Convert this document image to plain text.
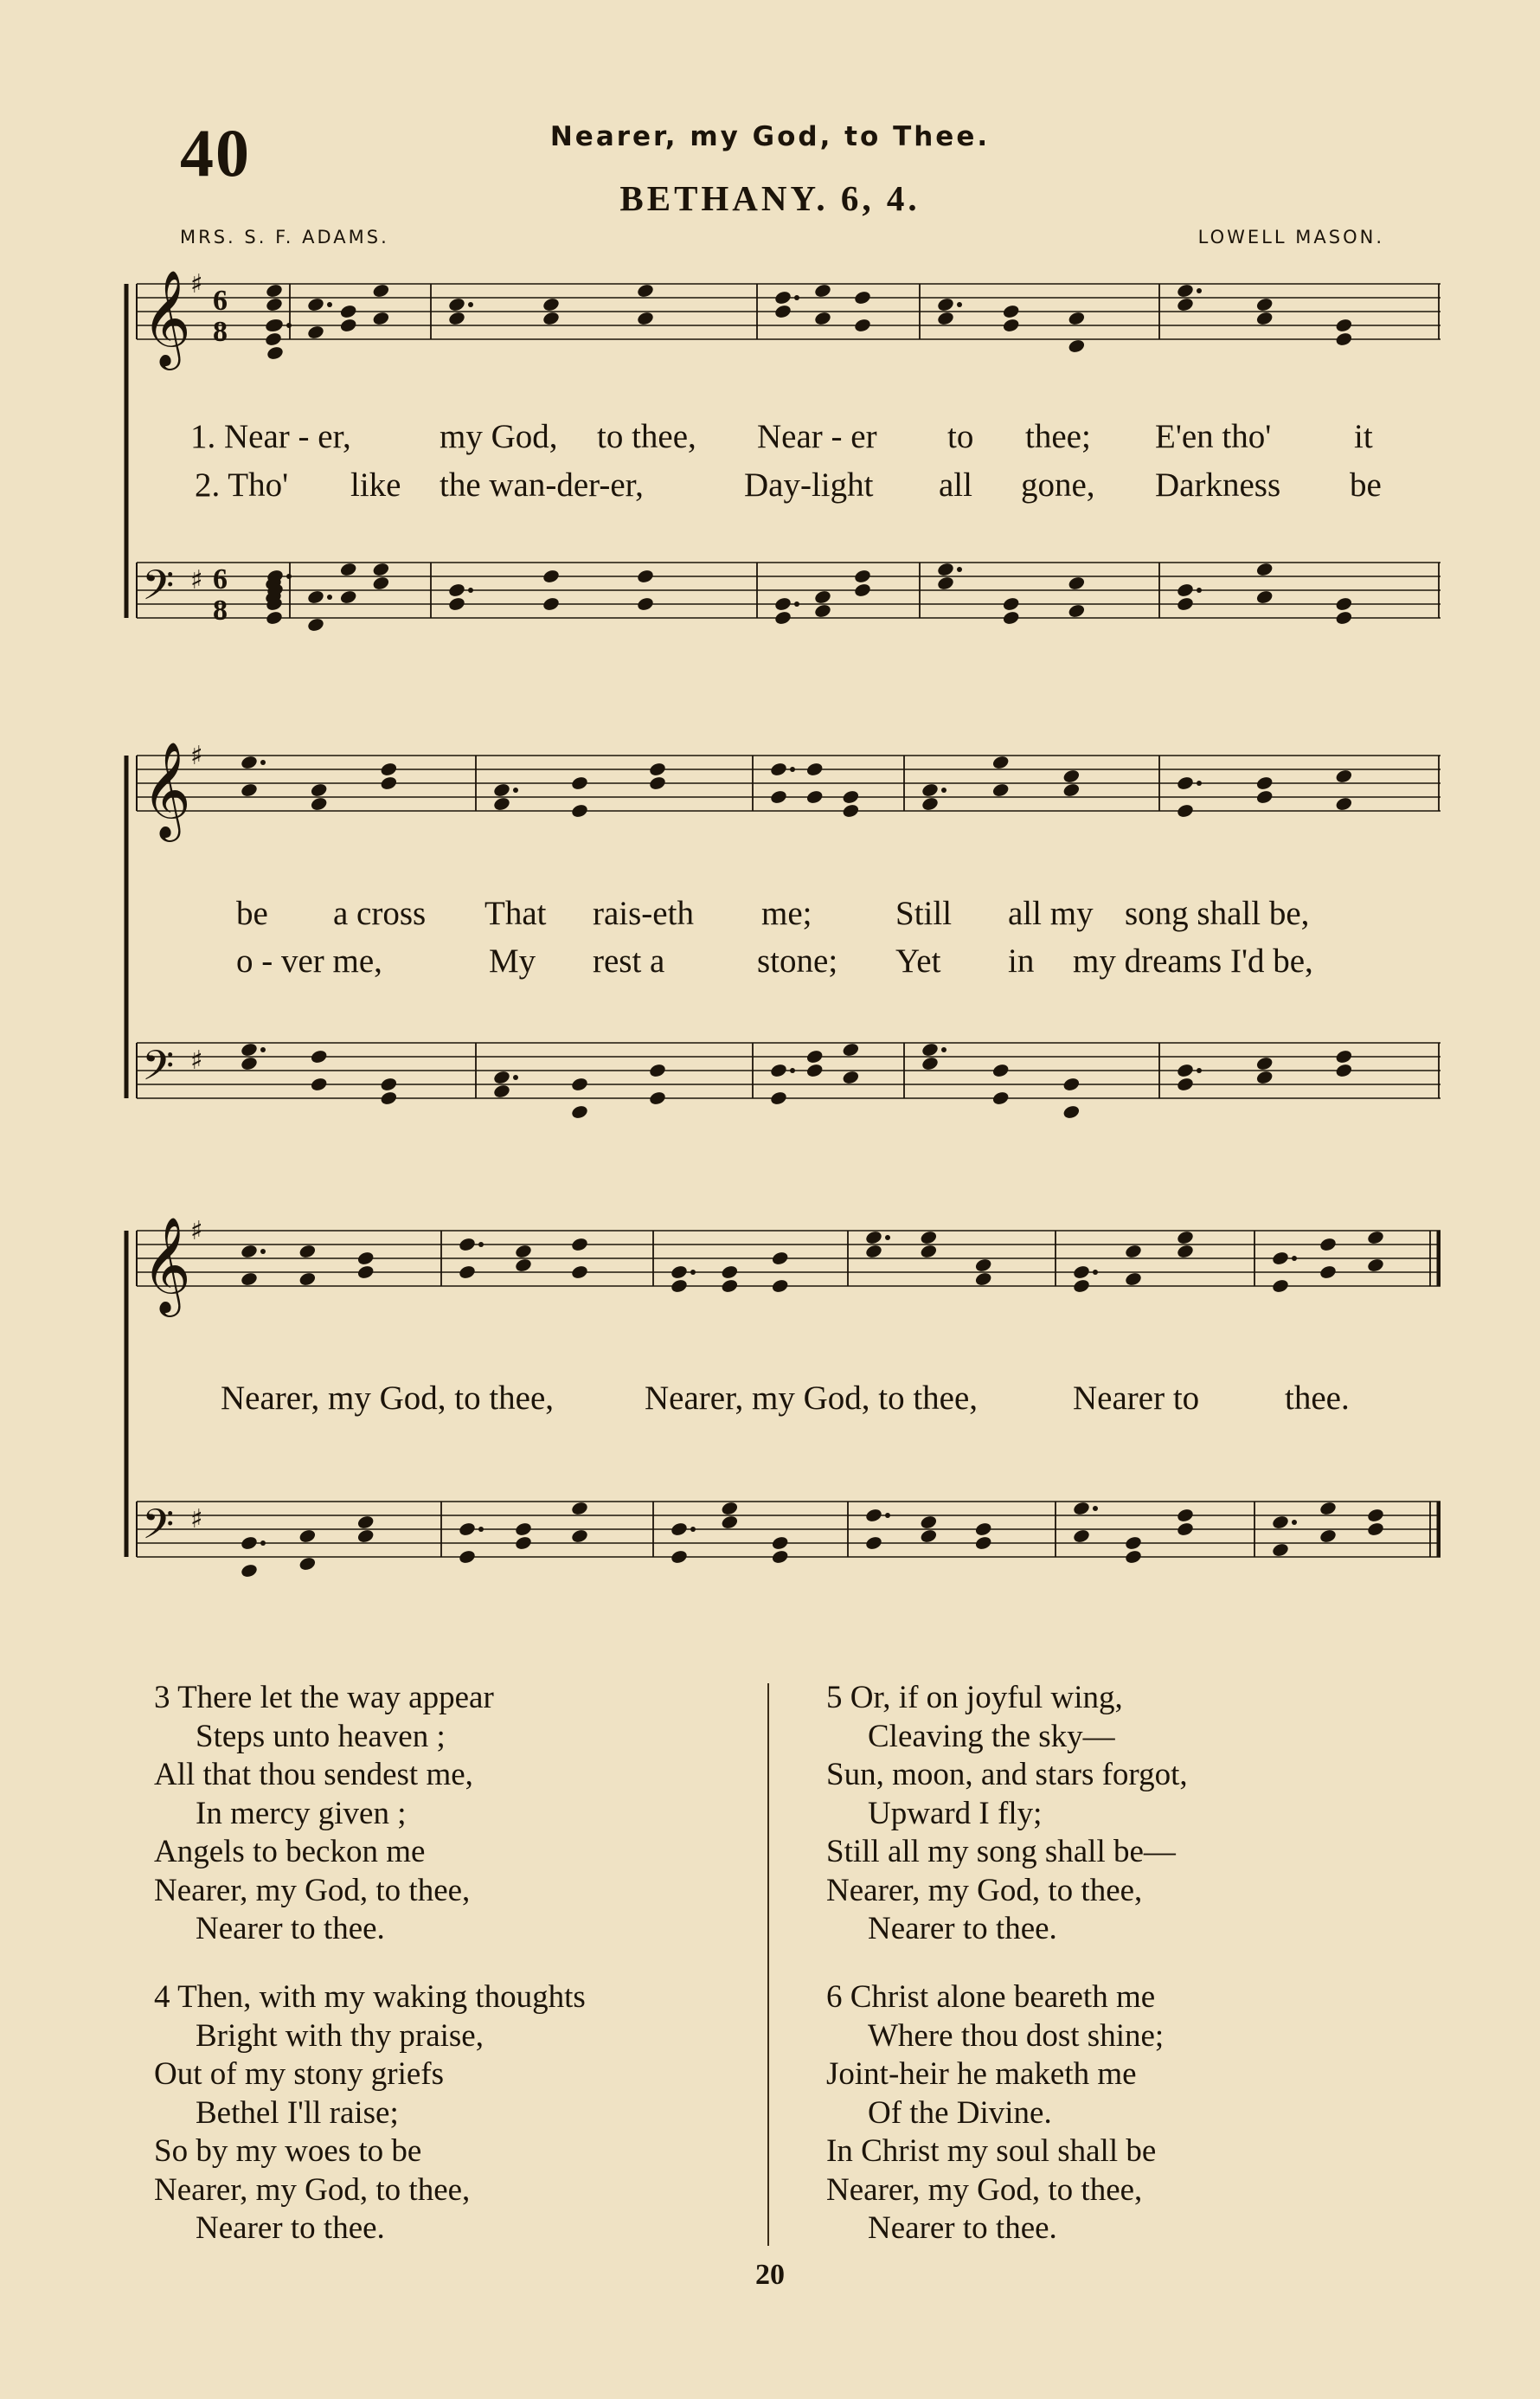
40	Nearer, my God, to Thee.
BETHANY. 6, 4.
MRS. S. F. ADAMS.	LOWELL MASON.
𝄞 ♯
6
8
𝄢 ♯ 6
8
1. Near - er,	my God, to thee, Near - er to thee; E'en tho' it
2. Tho' like the wan-der-er,	Day-light all gone, Darkness be
𝄞 ♯
𝄢 ♯
be a cross That rais-eth me; Still all my song shall be,
o - ver me,	My rest a	stone; Yet in my dreams I'd be,
𝄞 ♯
𝄢 ♯
Nearer, my God, to thee,	Nearer, my God, to thee,	Nearer to	thee.
3 There let the way appear
Steps unto heaven ;
All that thou sendest me,
In mercy given ;
Angels to beckon me
Nearer, my God, to thee,
Nearer to thee.
4 Then, with my waking thoughts
Bright with thy praise,
Out of my stony griefs
Bethel I'll raise;
So by my woes to be
Nearer, my God, to thee,
Nearer to thee.
5 Or, if on joyful wing,
Cleaving the sky—
Sun, moon, and stars forgot,
Upward I fly;
Still all my song shall be—
Nearer, my God, to thee,
Nearer to thee.
6 Christ alone beareth me
Where thou dost shine;
Joint-heir he maketh me
Of the Divine.
In Christ my soul shall be
Nearer, my God, to thee,
Nearer to thee.
20
